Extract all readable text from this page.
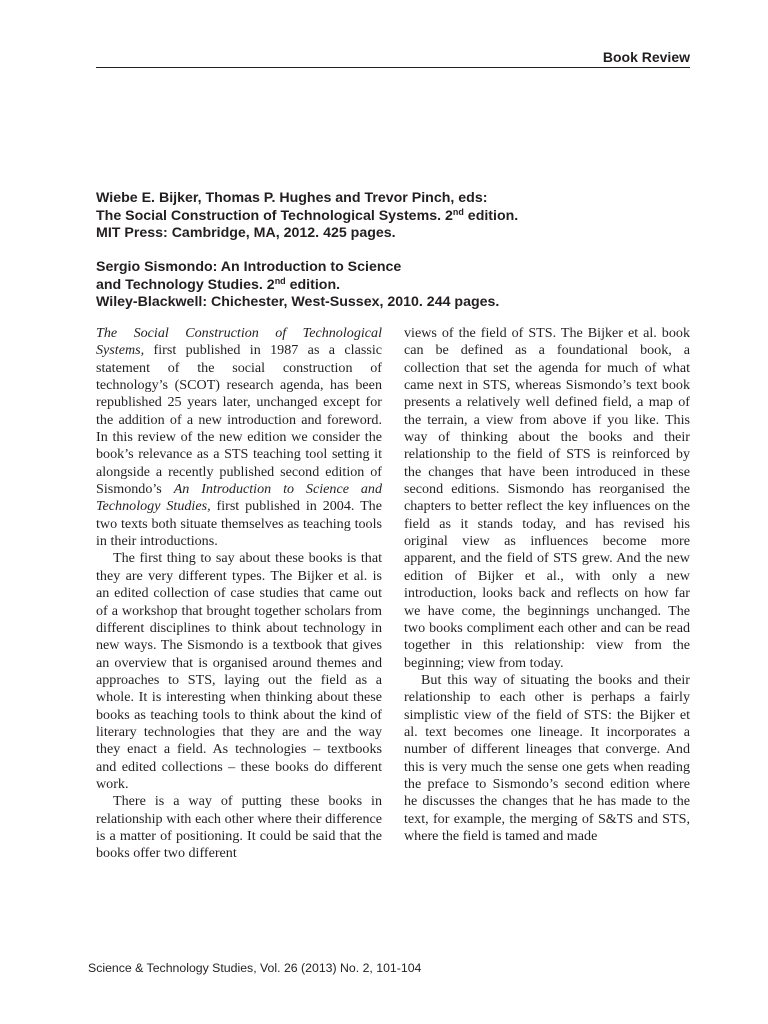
Book Review
Wiebe E. Bijker, Thomas P. Hughes and Trevor Pinch, eds:
The Social Construction of Technological Systems. 2nd edition.
MIT Press: Cambridge, MA, 2012. 425 pages.
Sergio Sismondo: An Introduction to Science
and Technology Studies. 2nd edition.
Wiley-Blackwell: Chichester, West-Sussex, 2010. 244 pages.

The Social Construction of Technological Systems, first published in 1987 as a classic statement of the social construction of technology’s (SCOT) research agenda, has been republished 25 years later, unchanged except for the addition of a new introduction and foreword. In this review of the new edition we consider the book’s relevance as a STS teaching tool setting it alongside a recently published second edition of Sismondo’s An Introduction to Science and Technology Studies, first published in 2004. The two texts both situate themselves as teaching tools in their introductions.

The first thing to say about these books is that they are very different types. The Bijker et al. is an edited collection of case studies that came out of a workshop that brought together scholars from different disciplines to think about technology in new ways. The Sismondo is a textbook that gives an overview that is organised around themes and approaches to STS, laying out the field as a whole. It is interesting when thinking about these books as teaching tools to think about the kind of literary technologies that they are and the way they enact a field. As technologies – textbooks and edited collections – these books do different work.

There is a way of putting these books in relationship with each other where their difference is a matter of positioning. It could be said that the books offer two different

views of the field of STS. The Bijker et al. book can be defined as a foundational book, a collection that set the agenda for much of what came next in STS, whereas Sismondo’s text book presents a relatively well defined field, a map of the terrain, a view from above if you like. This way of thinking about the books and their relationship to the field of STS is reinforced by the changes that have been introduced in these second editions. Sismondo has reorganised the chapters to better reflect the key influences on the field as it stands today, and has revised his original view as influences become more apparent, and the field of STS grew. And the new edition of Bijker et al., with only a new introduction, looks back and reflects on how far we have come, the beginnings unchanged. The two books compliment each other and can be read together in this relationship: view from the beginning; view from today.

But this way of situating the books and their relationship to each other is perhaps a fairly simplistic view of the field of STS: the Bijker et al. text becomes one lineage. It incorporates a number of different lineages that converge. And this is very much the sense one gets when reading the preface to Sismondo’s second edition where he discusses the changes that he has made to the text, for example, the merging of S&TS and STS, where the field is tamed and made

Science & Technology Studies, Vol. 26 (2013) No. 2, 101-104
